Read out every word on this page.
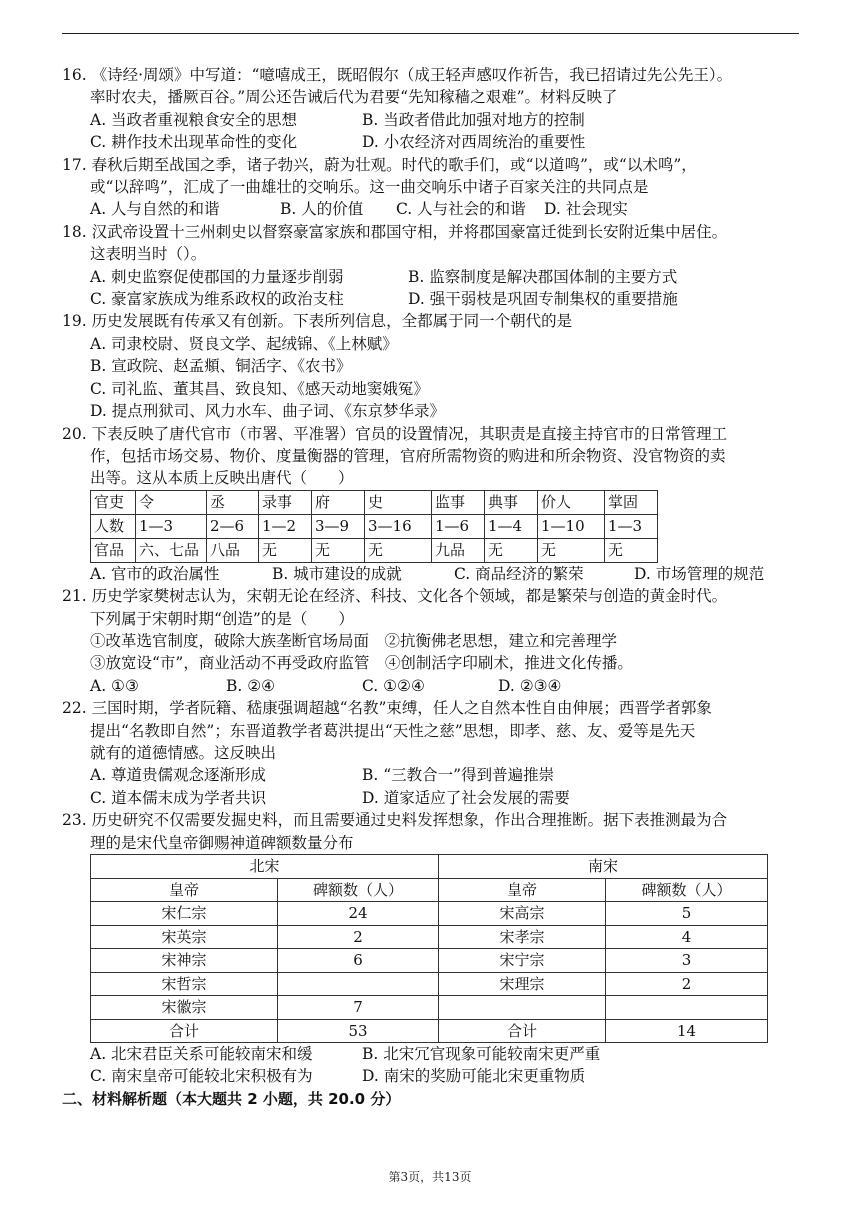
16. 《诗经·周颂》中写道：“噫嘻成王，既昭假尔（成王轻声感叹作祈告，我已招请过先公先王）。
率时农夫，播厥百谷。”周公还告诫后代为君要“先知稼穑之艰难”。材料反映了
A. 当政者重视粮食安全的思想	B. 当政者借此加强对地方的控制
C. 耕作技术出现革命性的变化	D. 小农经济对西周统治的重要性
17. 春秋后期至战国之季，诸子勃兴，蔚为壮观。时代的歌手们，或“以道鸣”，或“以术鸣”，
或“以辞鸣”，汇成了一曲雄壮的交响乐。这一曲交响乐中诸子百家关注的共同点是
A. 人与自然的和谐	B. 人的价值	C. 人与社会的和谐	D. 社会现实
18. 汉武帝设置十三州刺史以督察豪富家族和郡国守相，并将郡国豪富迁徙到长安附近集中居住。
这表明当时（）。
A. 刺史监察促使郡国的力量逐步削弱	B. 监察制度是解决郡国体制的主要方式
C. 豪富家族成为维系政权的政治支柱	D. 强干弱枝是巩固专制集权的重要措施
19. 历史发展既有传承又有创新。下表所列信息，全都属于同一个朝代的是
A. 司隶校尉、贤良文学、起绒锦、《上林赋》
B. 宣政院、赵孟頫、铜活字、《农书》
C. 司礼监、董其昌、致良知、《感天动地窦娥冤》
D. 提点刑狱司、风力水车、曲子词、《东京梦华录》
20. 下表反映了唐代官市（市署、平准署）官员的设置情况，其职责是直接主持官市的日常管理工
作，包括市场交易、物价、度量衡器的管理，官府所需物资的购进和所余物资、没官物资的卖
出等。这从本质上反映出唐代（　　）
官吏	令	丞	录事	府	史	监事	典事	价人	掌固
人数	1—3	2—6	1—2	3—9	3—16	1—6	1—4	1—10	1—3
官品	六、七品	八品	无	无	无	九品	无	无	无
A. 官市的政治属性	B. 城市建设的成就	C. 商品经济的繁荣	D. 市场管理的规范
21. 历史学家樊树志认为，宋朝无论在经济、科技、文化各个领域，都是繁荣与创造的黄金时代。
下列属于宋朝时期“创造”的是（　　）
①改革选官制度，破除大族垄断官场局面　②抗衡佛老思想，建立和完善理学
③放宽设“市”，商业活动不再受政府监管　④创制活字印刷术，推进文化传播。
A. ①③	B. ②④	C. ①②④	D. ②③④
22. 三国时期，学者阮籍、嵇康强调超越“名教”束缚，任人之自然本性自由伸展；西晋学者郭象
提出“名教即自然”；东晋道教学者葛洪提出“天性之慈”思想，即孝、慈、友、爱等是先天
就有的道德情感。这反映出
A. 尊道贵儒观念逐渐形成	B. “三教合一”得到普遍推崇
C. 道本儒末成为学者共识	D. 道家适应了社会发展的需要
23. 历史研究不仅需要发掘史料，而且需要通过史料发挥想象，作出合理推断。据下表推测最为合
理的是宋代皇帝御赐神道碑额数量分布
北宋		南宋	
皇帝	碑额数（人）	皇帝	碑额数（人）
宋仁宗	24	宋高宗	5
宋英宗	2	宋孝宗	4
宋神宗	6	宋宁宗	3
宋哲宗		宋理宗	2
宋徽宗	7		
合计	53	合计	14
A. 北宋君臣关系可能较南宋和缓	B. 北宋冗官现象可能较南宋更严重
C. 南宋皇帝可能较北宋积极有为	D. 南宋的奖励可能北宋更重物质
二、材料解析题（本大题共 2 小题，共 20.0 分）
第3页，共13页
